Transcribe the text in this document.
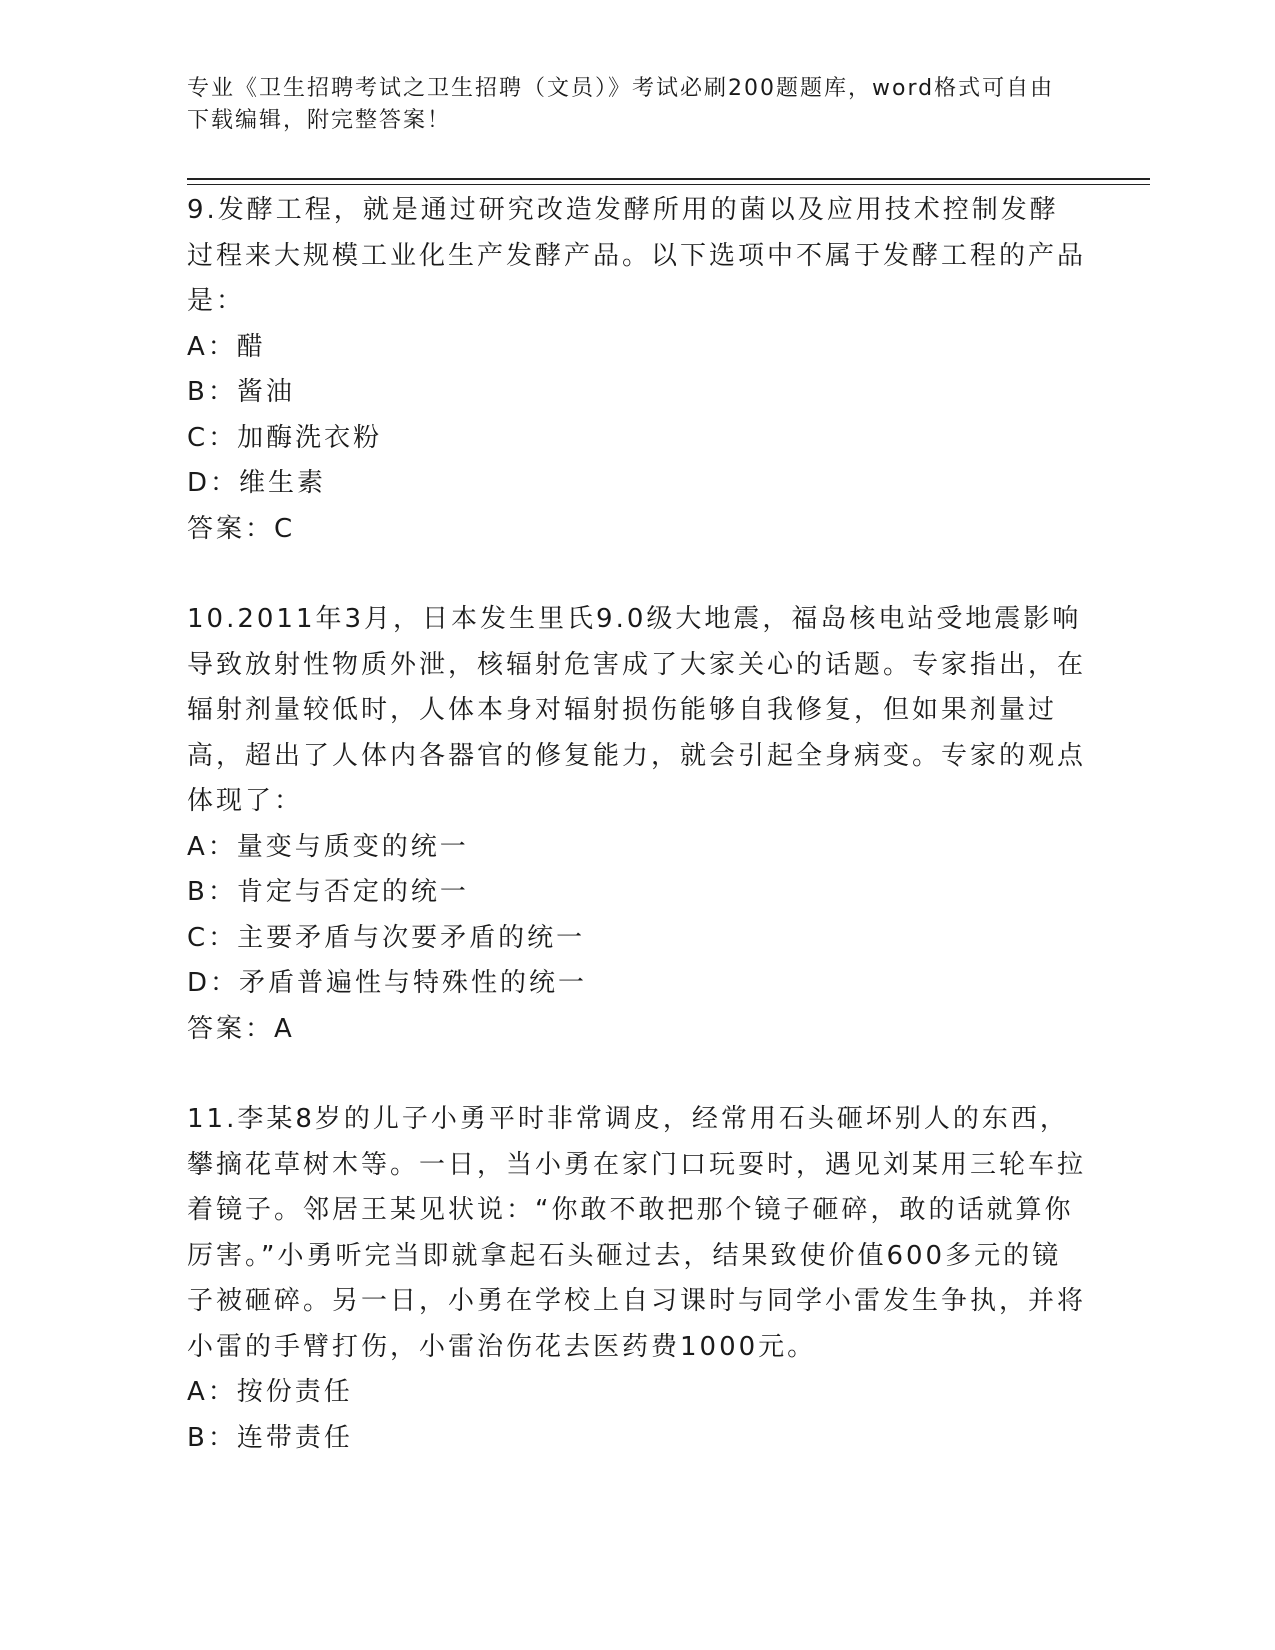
专业《卫生招聘考试之卫生招聘（文员）》考试必刷200题题库，word格式可自由下载编辑，附完整答案！
9.发酵工程，就是通过研究改造发酵所用的菌以及应用技术控制发酵过程来大规模工业化生产发酵产品。以下选项中不属于发酵工程的产品是：
A：醋
B：酱油
C：加酶洗衣粉
D：维生素
答案：C
10.2011年3月，日本发生里氏9.0级大地震，福岛核电站受地震影响导致放射性物质外泄，核辐射危害成了大家关心的话题。专家指出，在辐射剂量较低时，人体本身对辐射损伤能够自我修复，但如果剂量过高，超出了人体内各器官的修复能力，就会引起全身病变。专家的观点体现了：
A：量变与质变的统一
B：肯定与否定的统一
C：主要矛盾与次要矛盾的统一
D：矛盾普遍性与特殊性的统一
答案：A
11.李某8岁的儿子小勇平时非常调皮，经常用石头砸坏别人的东西，攀摘花草树木等。一日，当小勇在家门口玩耍时，遇见刘某用三轮车拉着镜子。邻居王某见状说：“你敢不敢把那个镜子砸碎，敢的话就算你厉害。”小勇听完当即就拿起石头砸过去，结果致使价值600多元的镜子被砸碎。另一日，小勇在学校上自习课时与同学小雷发生争执，并将小雷的手臂打伤，小雷治伤花去医药费1000元。
A：按份责任
B：连带责任
